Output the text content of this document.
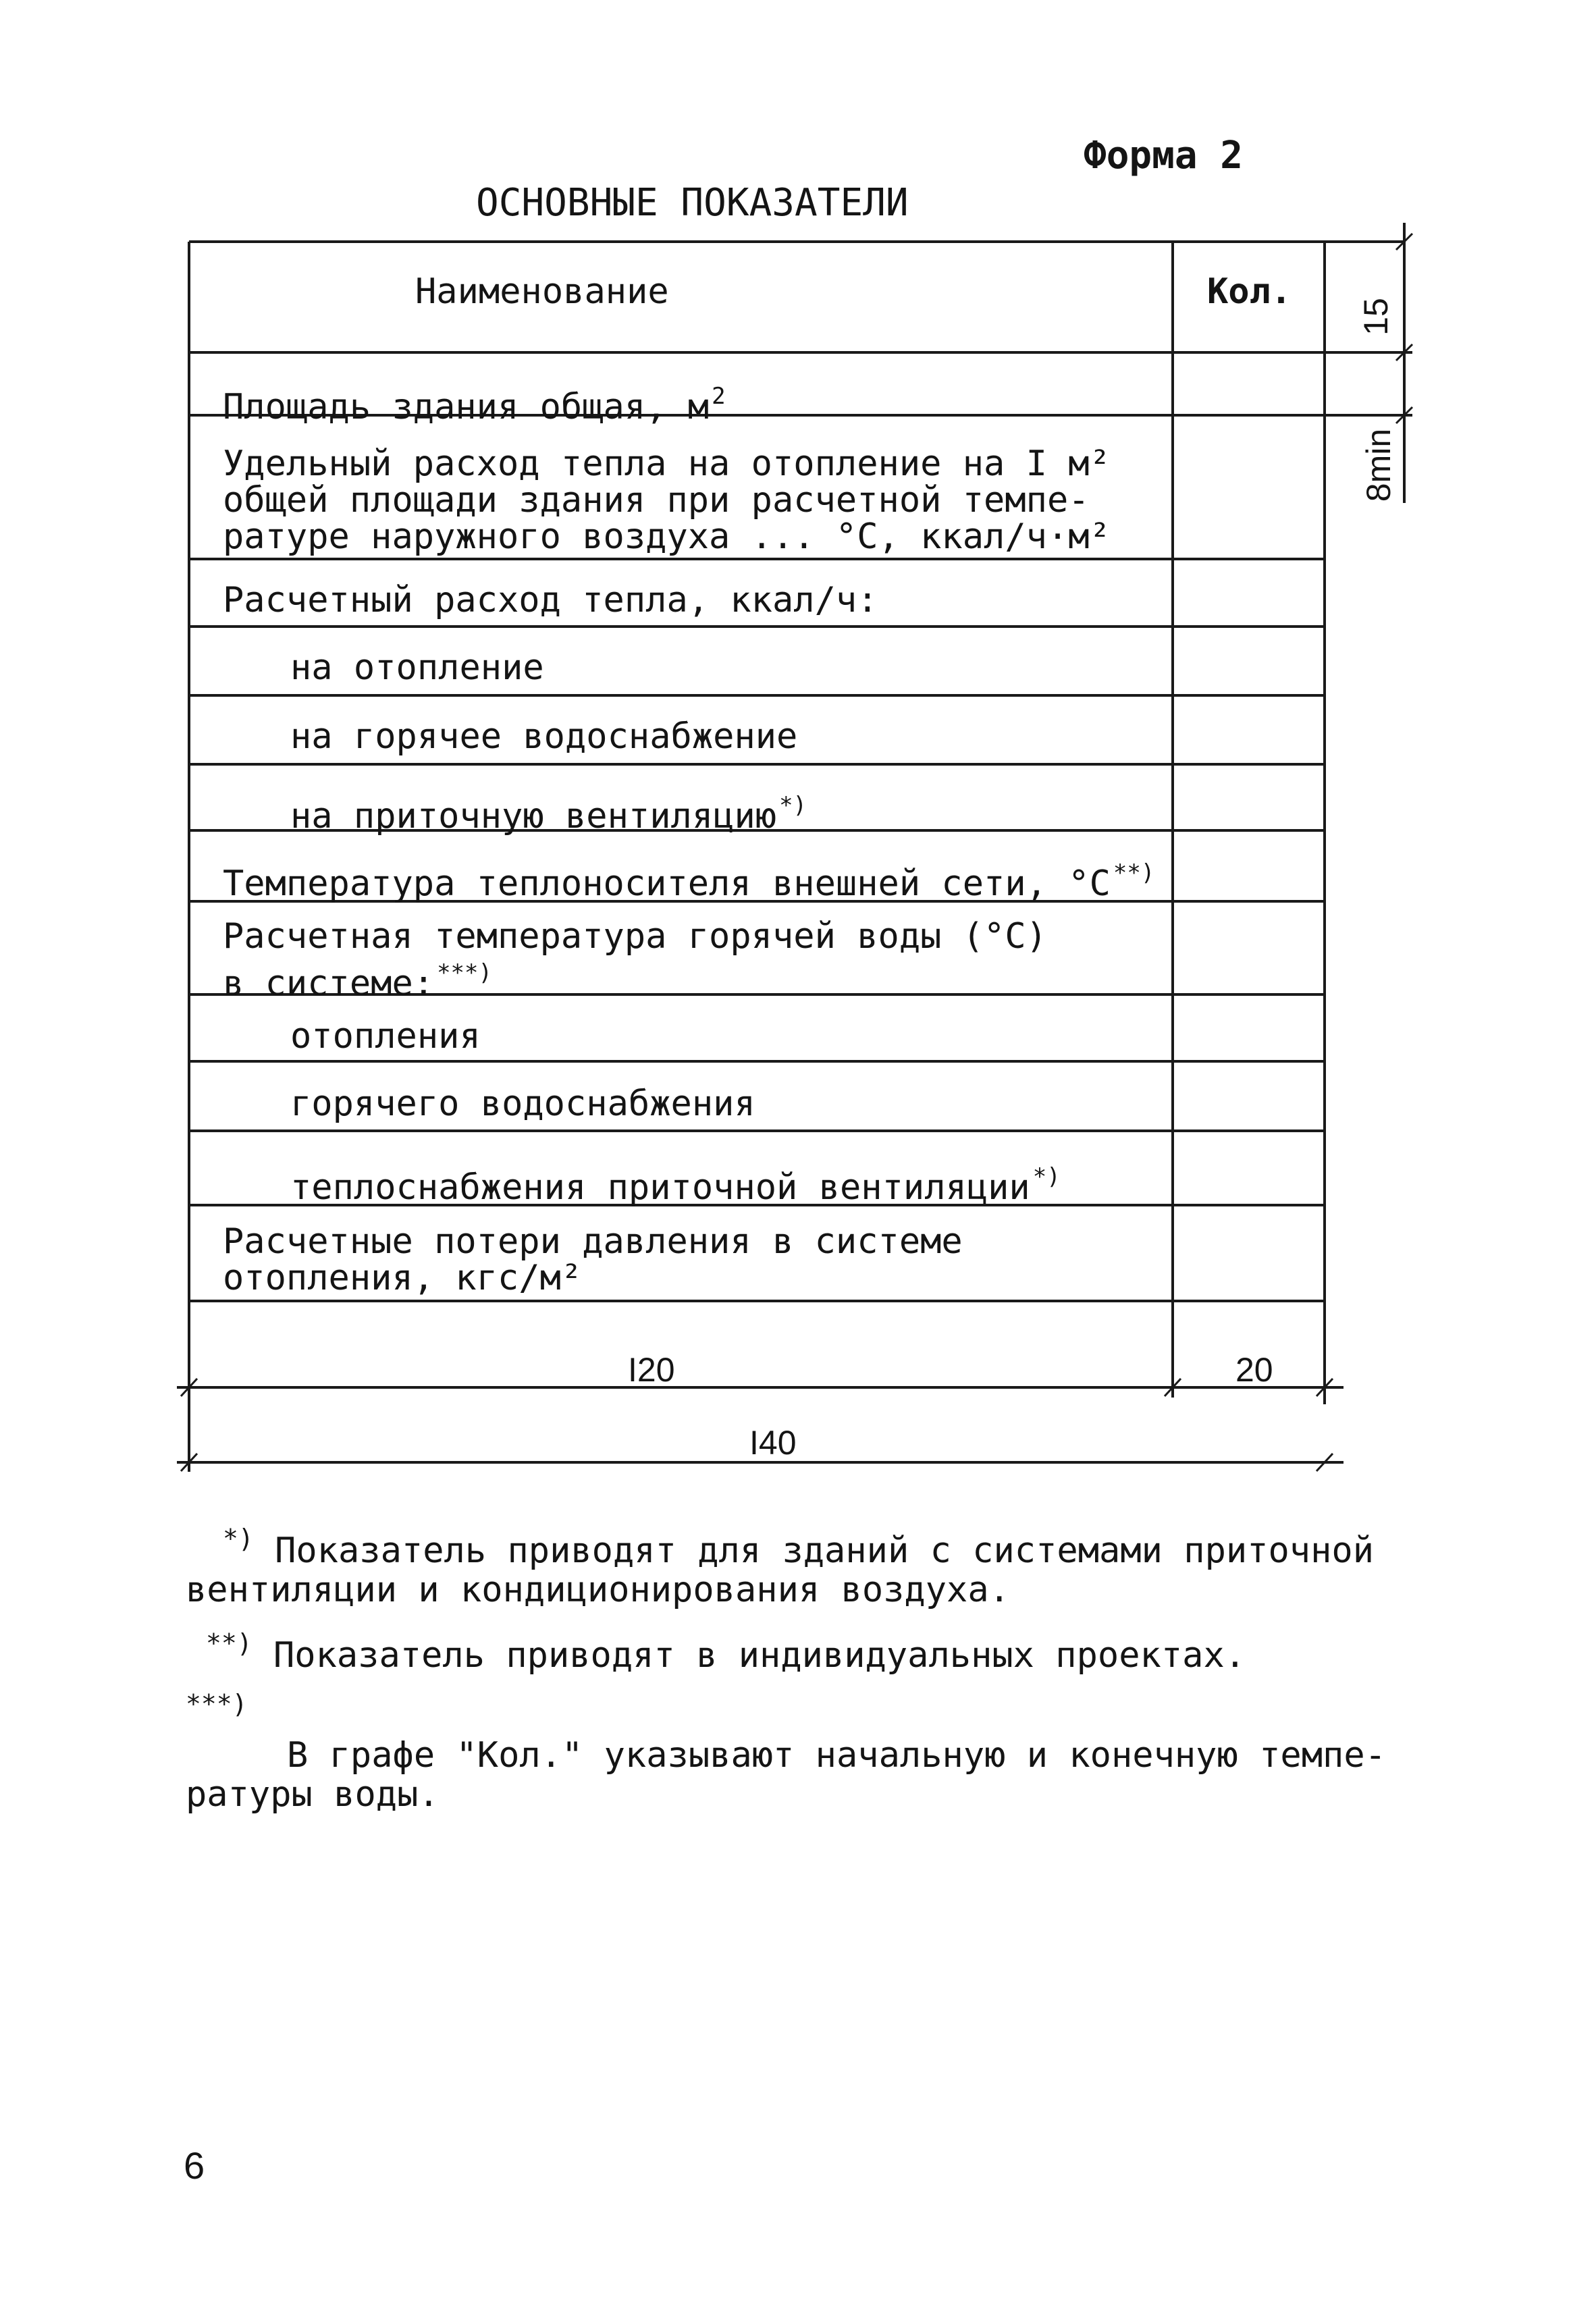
Форма 2
ОСНОВНЫЕ ПОКАЗАТЕЛИ
Наименование	Кол.
Площадь здания общая, м $^2$
Удельный расход тепла на отопление на I м²
общей площади здания при расчетной темпе-
ратуре наружного воздуха ... °С, ккал/ч·м²
Расчетный расход тепла, ккал/ч:
на отопление
на горячее водоснабжение
на приточную вентиляцию *)
Температура теплоносителя внешней сети, °С **)
Расчетная температура горячей воды (°С)
в системе: ***)
отопления
горячего водоснабжения
теплоснабжения приточной вентиляции *)
Расчетные потери давления в системе
отопления, кгс/м²
I20	20
I40
15
8min
*) Показатель приводят для зданий с системами приточной
вентиляции и кондиционирования воздуха.
**) Показатель приводят в индивидуальных проектах.
***)
В графе "Кол." указывают начальную и конечную темпе-
ратуры воды.
6
